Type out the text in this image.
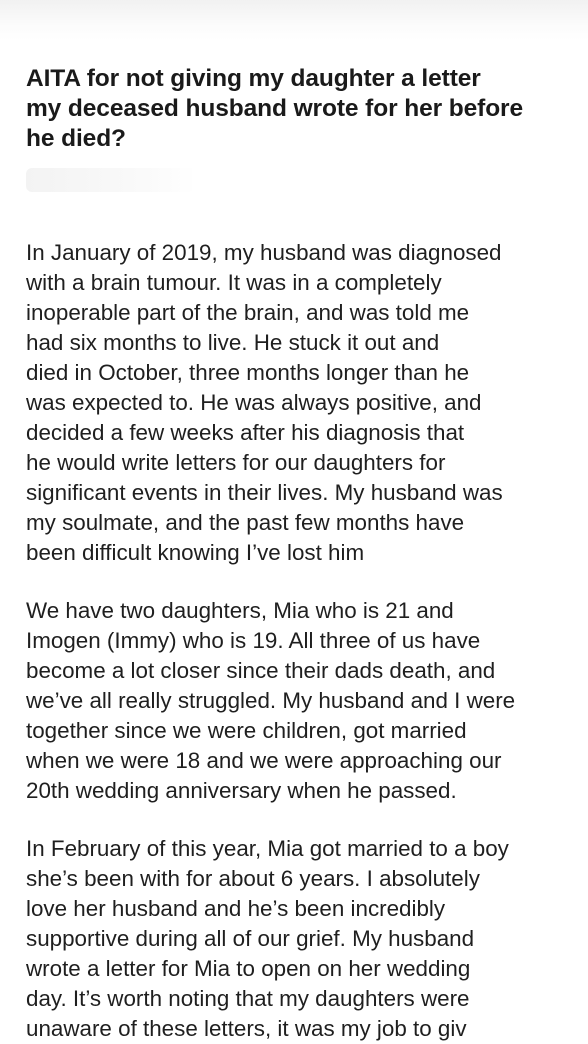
AITA for not giving my daughter a letter
my deceased husband wrote for her before
he died?

In January of 2019, my husband was diagnosed
with a brain tumour. It was in a completely
inoperable part of the brain, and was told me
had six months to live. He stuck it out and
died in October, three months longer than he
was expected to. He was always positive, and
decided a few weeks after his diagnosis that
he would write letters for our daughters for
significant events in their lives. My husband was
my soulmate, and the past few months have
been difficult knowing I’ve lost him

We have two daughters, Mia who is 21 and
Imogen (Immy) who is 19. All three of us have
become a lot closer since their dads death, and
we’ve all really struggled. My husband and I were
together since we were children, got married
when we were 18 and we were approaching our
20th wedding anniversary when he passed.

In February of this year, Mia got married to a boy
she’s been with for about 6 years. I absolutely
love her husband and he’s been incredibly
supportive during all of our grief. My husband
wrote a letter for Mia to open on her wedding
day. It’s worth noting that my daughters were
unaware of these letters, it was my job to giv
